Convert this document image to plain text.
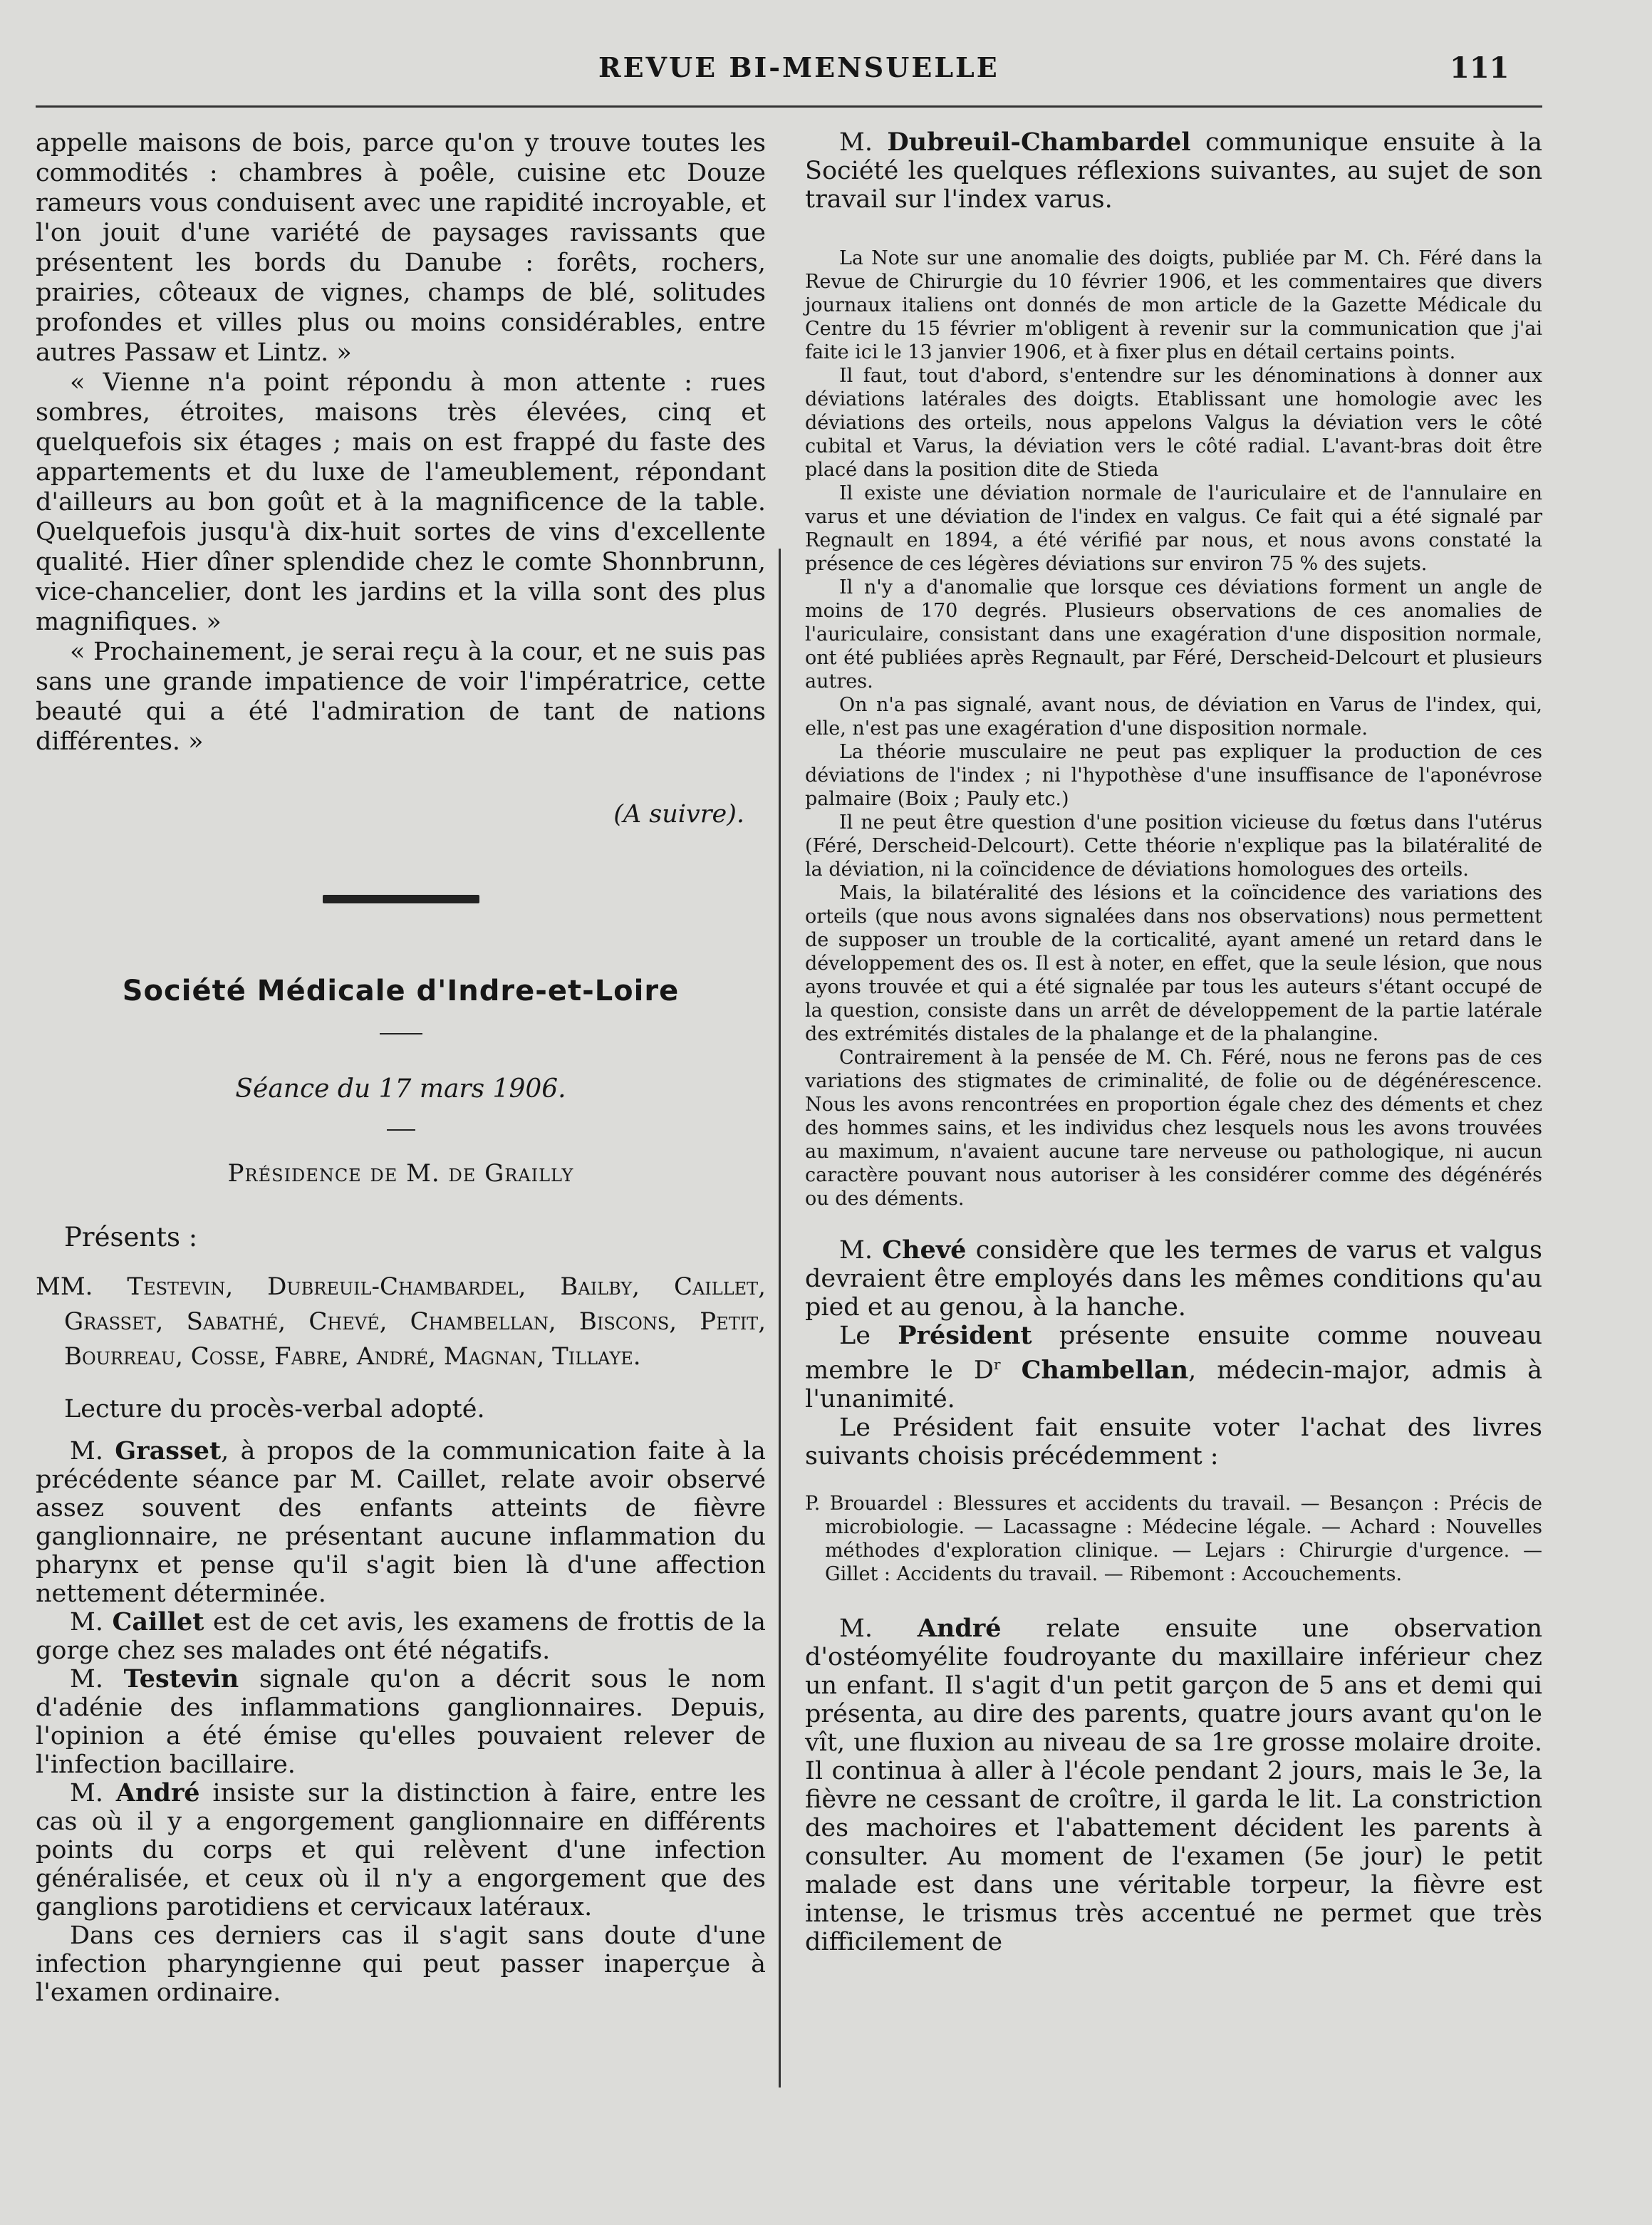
REVUE BI-MENSUELLE	111

appelle maisons de bois, parce qu'on y trouve toutes les commodités : chambres à poêle, cuisine etc Douze rameurs vous conduisent avec une rapidité incroyable, et l'on jouit d'une variété de paysages ravissants que présentent les bords du Danube : forêts, rochers, prairies, côteaux de vignes, champs de blé, solitudes profondes et villes plus ou moins considérables, entre autres Passaw et Lintz. »

« Vienne n'a point répondu à mon attente : rues sombres, étroites, maisons très élevées, cinq et quelquefois six étages ; mais on est frappé du faste des appartements et du luxe de l'ameublement, répondant d'ailleurs au bon goût et à la magnificence de la table. Quelquefois jusqu'à dix-huit sortes de vins d'excellente qualité. Hier dîner splendide chez le comte Shonnbrunn, vice-chancelier, dont les jardins et la villa sont des plus magnifiques. »

« Prochainement, je serai reçu à la cour, et ne suis pas sans une grande impatience de voir l'impératrice, cette beauté qui a été l'admiration de tant de nations différentes. »

(A suivre).

Société Médicale d'Indre-et-Loire

Séance du 17 mars 1906.

Présidence de M. de Grailly

Présents :

MM. Testevin, Dubreuil-Chambardel, Bailby, Caillet, Grasset, Sabathé, Chevé, Chambellan, Biscons, Petit, Bourreau, Cosse, Fabre, André, Magnan, Tillaye.

Lecture du procès-verbal adopté.

M. Grasset, à propos de la communication faite à la précédente séance par M. Caillet, relate avoir observé assez souvent des enfants atteints de fièvre ganglionnaire, ne présentant aucune inflammation du pharynx et pense qu'il s'agit bien là d'une affection nettement déterminée.

M. Caillet est de cet avis, les examens de frottis de la gorge chez ses malades ont été négatifs.

M. Testevin signale qu'on a décrit sous le nom d'adénie des inflammations ganglionnaires. Depuis, l'opinion a été émise qu'elles pouvaient relever de l'infection bacillaire.

M. André insiste sur la distinction à faire, entre les cas où il y a engorgement ganglionnaire en différents points du corps et qui relèvent d'une infection généralisée, et ceux où il n'y a engorgement que des ganglions parotidiens et cervicaux latéraux.

Dans ces derniers cas il s'agit sans doute d'une infection pharyngienne qui peut passer inaperçue à l'examen ordinaire.

M. Dubreuil-Chambardel communique ensuite à la Société les quelques réflexions suivantes, au sujet de son travail sur l'index varus.

La Note sur une anomalie des doigts, publiée par M. Ch. Féré dans la Revue de Chirurgie du 10 février 1906, et les commentaires que divers journaux italiens ont donnés de mon article de la Gazette Médicale du Centre du 15 février m'obligent à revenir sur la communication que j'ai faite ici le 13 janvier 1906, et à fixer plus en détail certains points.

Il faut, tout d'abord, s'entendre sur les dénominations à donner aux déviations latérales des doigts. Etablissant une homologie avec les déviations des orteils, nous appelons Valgus la déviation vers le côté cubital et Varus, la déviation vers le côté radial. L'avant-bras doit être placé dans la position dite de Stieda

Il existe une déviation normale de l'auriculaire et de l'annulaire en varus et une déviation de l'index en valgus. Ce fait qui a été signalé par Regnault en 1894, a été vérifié par nous, et nous avons constaté la présence de ces légères déviations sur environ 75 % des sujets.

Il n'y a d'anomalie que lorsque ces déviations forment un angle de moins de 170 degrés. Plusieurs observations de ces anomalies de l'auriculaire, consistant dans une exagération d'une disposition normale, ont été publiées après Regnault, par Féré, Derscheid-Delcourt et plusieurs autres.

On n'a pas signalé, avant nous, de déviation en Varus de l'index, qui, elle, n'est pas une exagération d'une disposition normale.

La théorie musculaire ne peut pas expliquer la production de ces déviations de l'index ; ni l'hypothèse d'une insuffisance de l'aponévrose palmaire (Boix ; Pauly etc.)

Il ne peut être question d'une position vicieuse du fœtus dans l'utérus (Féré, Derscheid-Delcourt). Cette théorie n'explique pas la bilatéralité de la déviation, ni la coïncidence de déviations homologues des orteils.

Mais, la bilatéralité des lésions et la coïncidence des variations des orteils (que nous avons signalées dans nos observations) nous permettent de supposer un trouble de la corticalité, ayant amené un retard dans le développement des os. Il est à noter, en effet, que la seule lésion, que nous ayons trouvée et qui a été signalée par tous les auteurs s'étant occupé de la question, consiste dans un arrêt de développement de la partie latérale des extrémités distales de la phalange et de la phalangine.

Contrairement à la pensée de M. Ch. Féré, nous ne ferons pas de ces variations des stigmates de criminalité, de folie ou de dégénérescence. Nous les avons rencontrées en proportion égale chez des déments et chez des hommes sains, et les individus chez lesquels nous les avons trouvées au maximum, n'avaient aucune tare nerveuse ou pathologique, ni aucun caractère pouvant nous autoriser à les considérer comme des dégénérés ou des déments.

M. Chevé considère que les termes de varus et valgus devraient être employés dans les mêmes conditions qu'au pied et au genou, à la hanche.

Le Président présente ensuite comme nouveau membre le $D^r$ Chambellan, médecin-major, admis à l'unanimité.

Le Président fait ensuite voter l'achat des livres suivants choisis précédemment :

P. Brouardel : Blessures et accidents du travail. — Besançon : Précis de microbiologie. — Lacassagne : Médecine légale. — Achard : Nouvelles méthodes d'exploration clinique. — Lejars : Chirurgie d'urgence. — Gillet : Accidents du travail. — Ribemont : Accouchements.

M. André relate ensuite une observation d'ostéomyélite foudroyante du maxillaire inférieur chez un enfant. Il s'agit d'un petit garçon de 5 ans et demi qui présenta, au dire des parents, quatre jours avant qu'on le vît, une fluxion au niveau de sa 1re grosse molaire droite. Il continua à aller à l'école pendant 2 jours, mais le 3e, la fièvre ne cessant de croître, il garda le lit. La constriction des machoires et l'abattement décident les parents à consulter. Au moment de l'examen (5e jour) le petit malade est dans une véritable torpeur, la fièvre est intense, le trismus très accentué ne permet que très difficilement de
